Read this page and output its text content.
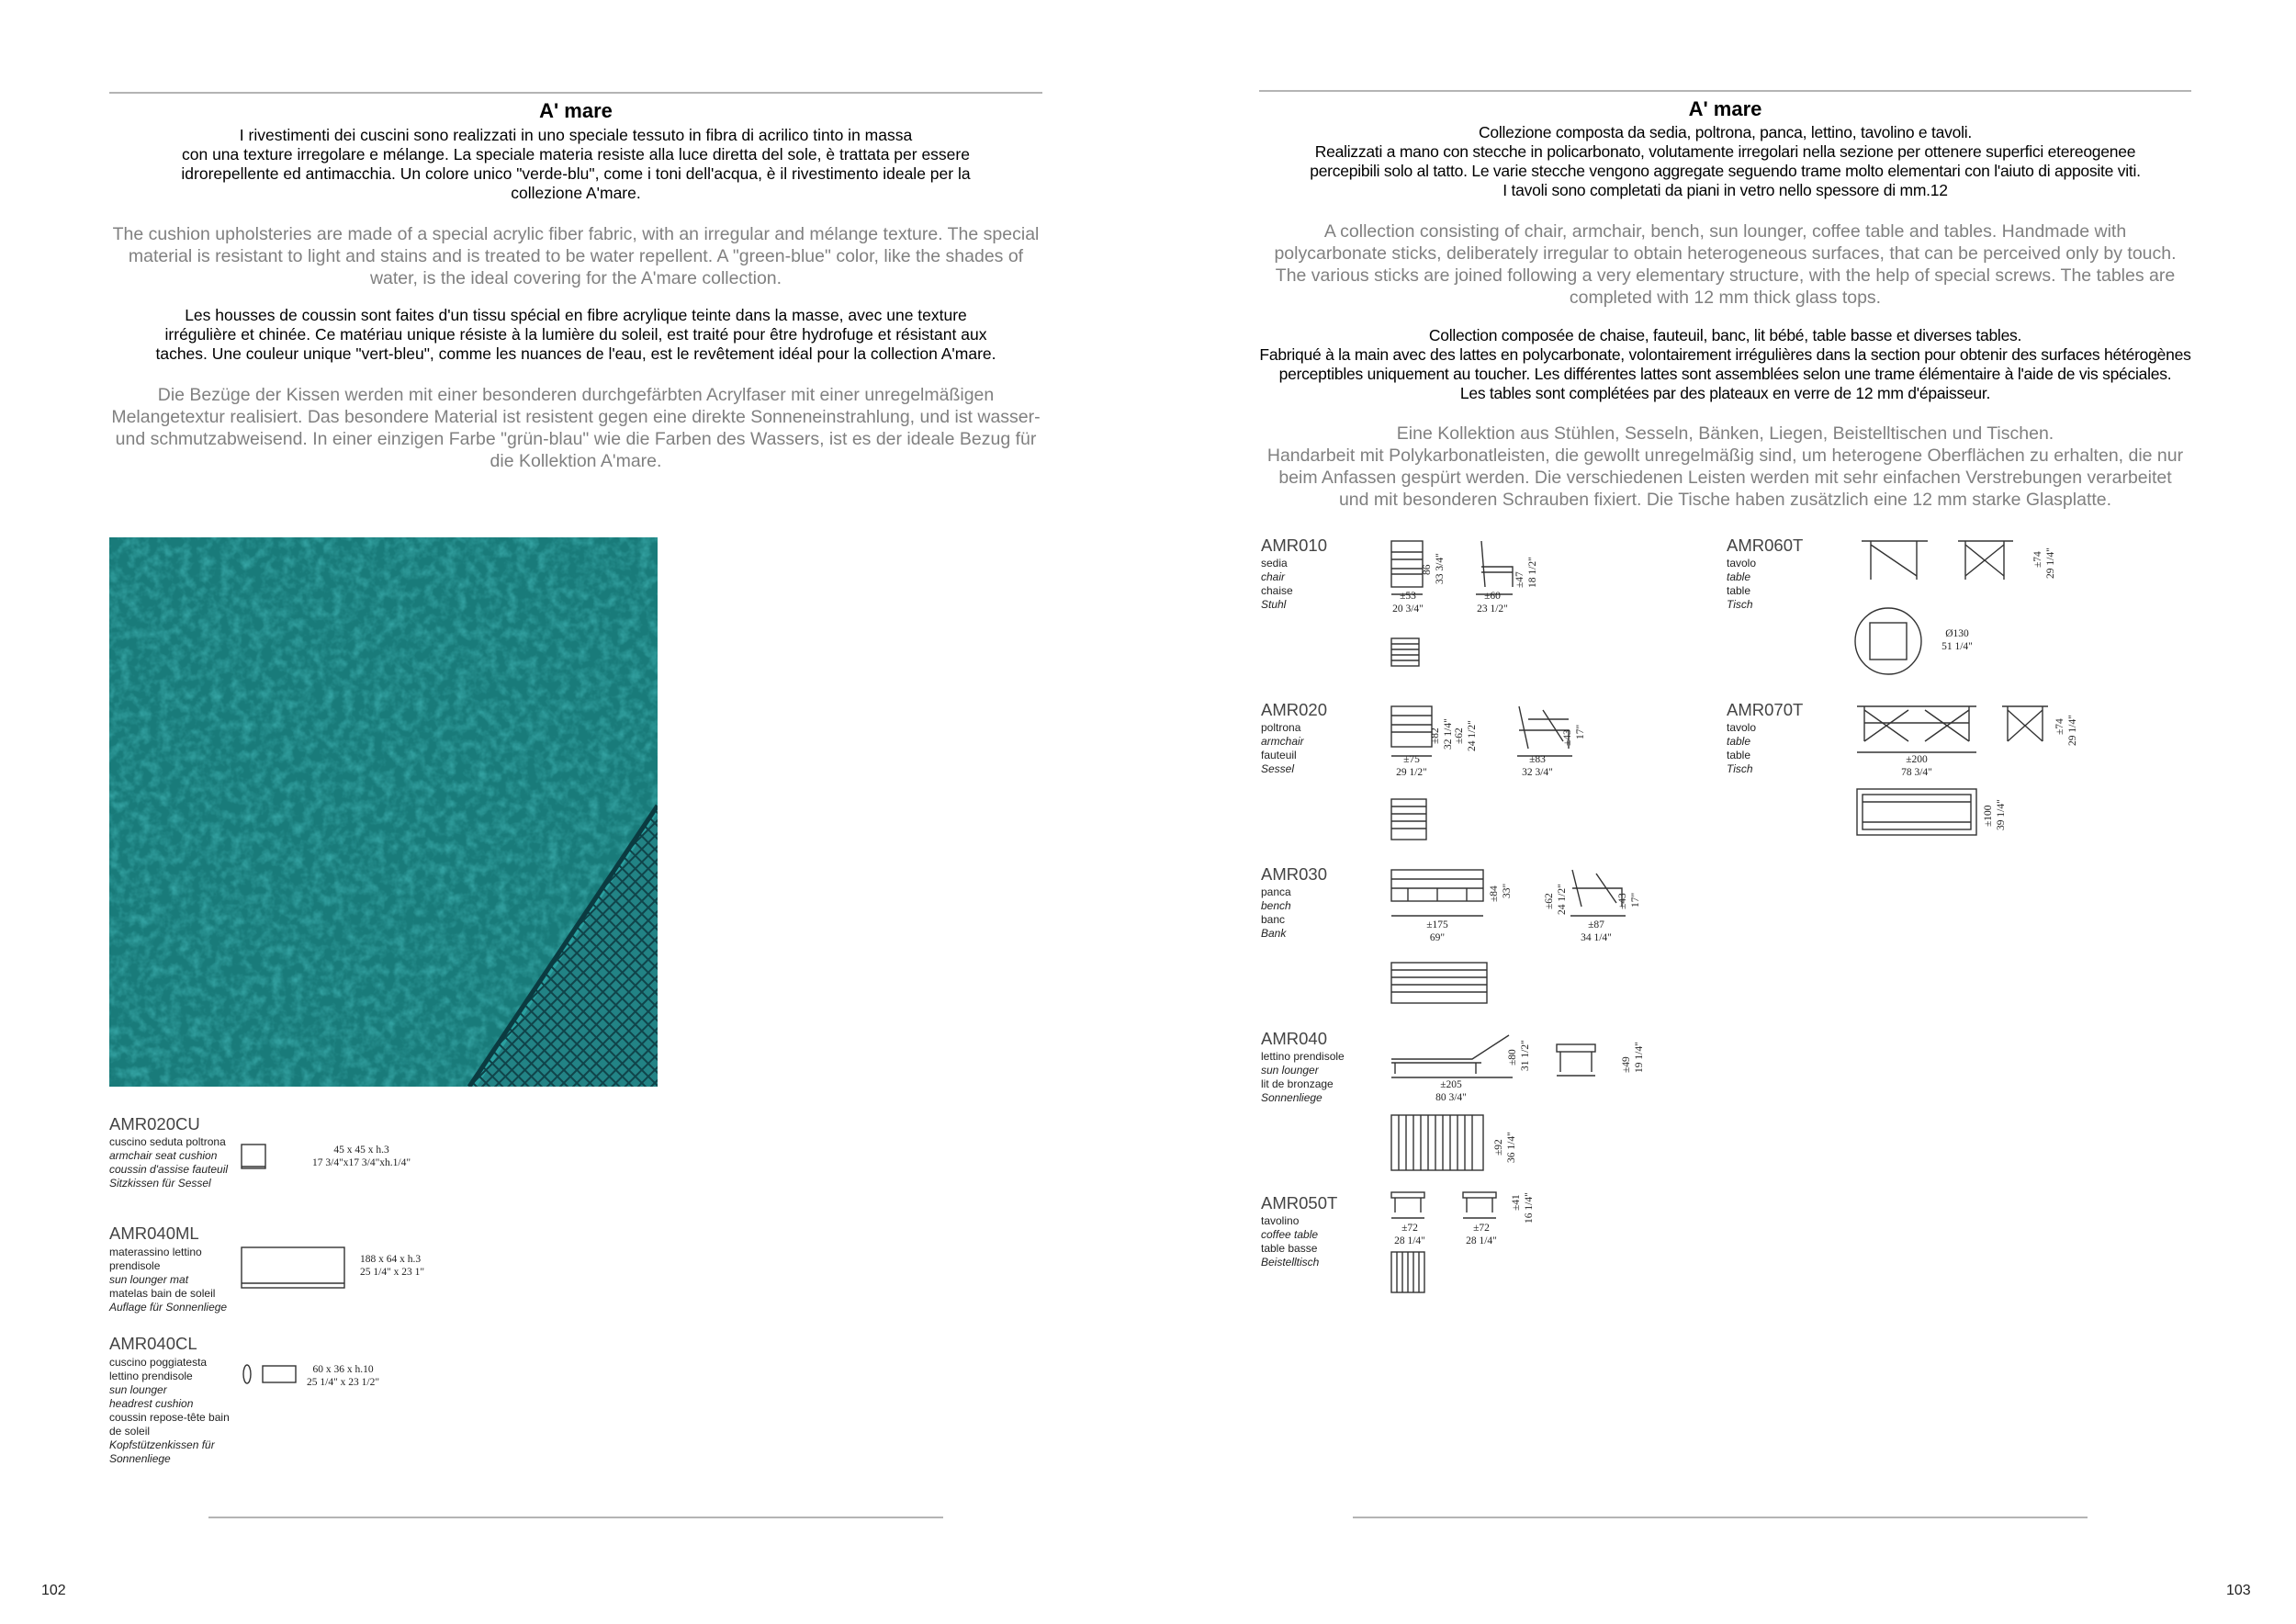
A' mare
I rivestimenti dei cuscini sono realizzati in uno speciale tessuto in fibra di acrilico tinto in massa
con una texture irregolare e mélange. La speciale materia resiste alla luce diretta del sole, è trattata per essere
idrorepellente ed antimacchia. Un colore unico "verde-blu", come i toni dell'acqua, è il rivestimento ideale per la
collezione A'mare.
The cushion upholsteries are made of a special acrylic fiber fabric, with an irregular and mélange texture. The special
material is resistant to light and stains and is treated to be water repellent. A "green-blue" color, like the shades of
water, is the ideal covering for the A'mare collection.
Les housses de coussin sont faites d'un tissu spécial en fibre acrylique teinte dans la masse, avec une texture
irrégulière et chinée. Ce matériau unique résiste à la lumière du soleil, est traité pour être hydrofuge et résistant aux
taches. Une couleur unique "vert-bleu", comme les nuances de l'eau, est le revêtement idéal pour la collection A'mare.
Die Bezüge der Kissen werden mit einer besonderen durchgefärbten Acrylfaser mit einer unregelmäßigen
Melangetextur realisiert. Das besondere Material ist resistent gegen eine direkte Sonneneinstrahlung, und ist wasser-
und schmutzabweisend. In einer einzigen Farbe "grün-blau" wie die Farben des Wassers, ist es der ideale Bezug für
die Kollektion A'mare.
AMR020CU
cuscino seduta poltrona
armchair seat cushion
coussin d'assise fauteuil
Sitzkissen für Sessel
45 x 45 x h.3
17 3/4"x17 3/4"xh.1/4"
AMR040ML
materassino lettino
prendisole
sun lounger mat
matelas bain de soleil
Auflage für Sonnenliege
188 x 64 x h.3
25 1/4" x 23 1"
AMR040CL
cuscino poggiatesta
lettino prendisole
sun lounger
headrest cushion
coussin repose-tête bain
de soleil
Kopfstützenkissen für
Sonnenliege
60 x 36 x h.10
25 1/4" x 23 1/2"
102
A' mare
Collezione composta da sedia, poltrona, panca, lettino, tavolino e tavoli.
Realizzati a mano con stecche in policarbonato, volutamente irregolari nella sezione per ottenere superfici etereogenee
percepibili solo al tatto. Le varie stecche vengono aggregate seguendo trame molto elementari con l'aiuto di apposite viti.
I tavoli sono completati da piani in vetro nello spessore di mm.12
A collection consisting of chair, armchair, bench, sun lounger, coffee table and tables. Handmade with
polycarbonate sticks, deliberately irregular to obtain heterogeneous surfaces, that can be perceived only by touch.
The various sticks are joined following a very elementary structure, with the help of special screws. The tables are
completed with 12 mm thick glass tops.
Collection composée de chaise, fauteuil, banc, lit bébé, table basse et diverses tables.
Fabriqué à la main avec des lattes en polycarbonate, volontairement irrégulières dans la section pour obtenir des surfaces hétérogènes
perceptibles uniquement au toucher. Les différentes lattes sont assemblées selon une trame élémentaire à l'aide de vis spéciales.
Les tables sont complétées par des plateaux en verre de 12 mm d'épaisseur.
Eine Kollektion aus Stühlen, Sesseln, Bänken, Liegen, Beistelltischen und Tischen.
Handarbeit mit Polykarbonatleisten, die gewollt unregelmäßig sind, um heterogene Oberflächen zu erhalten, die nur
beim Anfassen gespürt werden. Die verschiedenen Leisten werden mit sehr einfachen Verstrebungen verarbeitet
und mit besonderen Schrauben fixiert. Die Tische haben zusätzlich eine 12 mm starke Glasplatte.
AMR010
sedia
chair
chaise
Stuhl
86 33 3/4"
±53
20 3/4"
±47 18 1/2"
±60
23 1/2"
AMR020
poltrona
armchair
fauteuil
Sessel
±82 32 1/4"
±75
29 1/2"
±62 24 1/2"	±43 17"
±83
32 3/4"
AMR030
panca
bench
banc
Bank
±84 33"
±175
69"
±62 24 1/2"	±43 17"
±87
34 1/4"
AMR040
lettino prendisole
sun lounger
lit de bronzage
Sonnenliege
±80 31 1/2"
±205
80 3/4"
±49 19 1/4"
±92 36 1/4"
AMR050T
tavolino
coffee table
table basse
Beistelltisch
±72
28 1/4"
±72
28 1/4"
±41 16 1/4"
AMR060T
tavolo
table
table
Tisch
±74 29 1/4"
Ø130
51 1/4"
AMR070T
tavolo
table
table
Tisch
±200
78 3/4"
±74 29 1/4"
±100 39 1/4"
103
